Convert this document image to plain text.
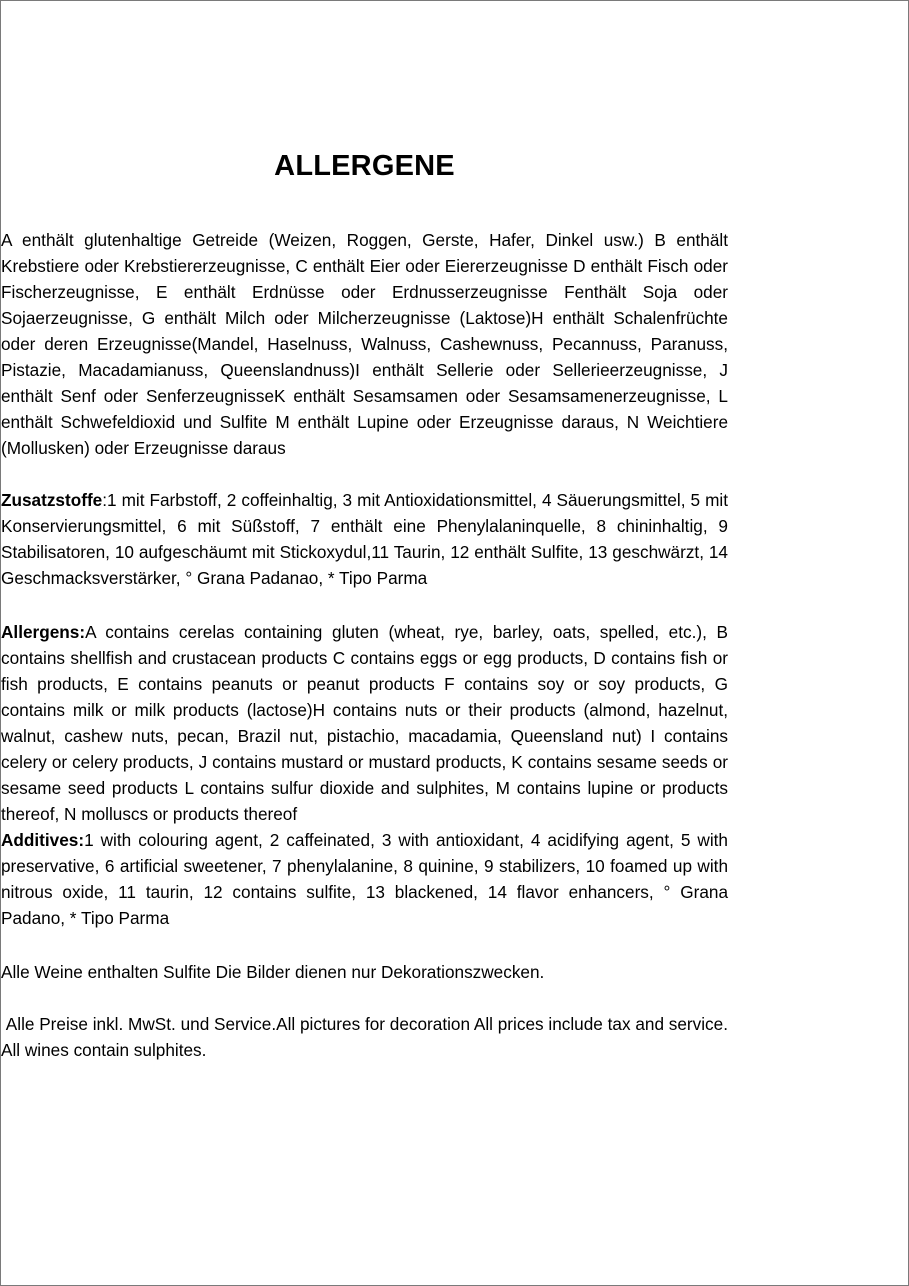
ALLERGENE

A enthält glutenhaltige Getreide (Weizen, Roggen, Gerste, Hafer, Dinkel usw.) B enthält Krebstiere oder Krebstiererzeugnisse, C enthält Eier oder Eiererzeugnisse D enthält Fisch oder Fischerzeugnisse, E enthält Erdnüsse oder Erdnusserzeugnisse Fenthält Soja oder Sojaerzeugnisse, G enthält Milch oder Milcherzeugnisse (Laktose)H enthält Schalenfrüchte oder deren Erzeugnisse(Mandel, Haselnuss, Walnuss, Cashewnuss, Pecannuss, Paranuss, Pistazie, Macadamianuss, Queenslandnuss)I enthält Sellerie oder Sellerieerzeugnisse, J enthält Senf oder SenferzeugnisseK enthält Sesamsamen oder Sesamsamenerzeugnisse, L enthält Schwefeldioxid und Sulfite M enthält Lupine oder Erzeugnisse daraus, N Weichtiere (Mollusken) oder Erzeugnisse daraus

Zusatzstoffe:1 mit Farbstoff, 2 coffeinhaltig, 3 mit Antioxidationsmittel, 4 Säuerungsmittel, 5 mit Konservierungsmittel, 6 mit Süßstoff, 7 enthält eine Phenylalaninquelle, 8 chininhaltig, 9 Stabilisatoren, 10 aufgeschäumt mit Stickoxydul,11 Taurin, 12 enthält Sulfite, 13 geschwärzt, 14 Geschmacksverstärker, ° Grana Padanao, * Tipo Parma

Allergens:A contains cerelas containing gluten (wheat, rye, barley, oats, spelled, etc.), B contains shellfish and crustacean products C contains eggs or egg products, D contains fish or fish products, E contains peanuts or peanut products F contains soy or soy products, G contains milk or milk products (lactose)H contains nuts or their products (almond, hazelnut, walnut, cashew nuts, pecan, Brazil nut, pistachio, macadamia, Queensland nut) I contains celery or celery products, J contains mustard or mustard products, K contains sesame seeds or sesame seed products L contains sulfur dioxide and sulphites, M contains lupine or products thereof, N molluscs or products thereof
Additives:1 with colouring agent, 2 caffeinated, 3 with antioxidant, 4 acidifying agent, 5 with preservative, 6 artificial sweetener, 7 phenylalanine, 8 quinine, 9 stabilizers, 10 foamed up with nitrous oxide, 11 taurin, 12 contains sulfite, 13 blackened, 14 flavor enhancers, ° Grana Padano, * Tipo Parma

Alle Weine enthalten Sulfite Die Bilder dienen nur Dekorationszwecken.

Alle Preise inkl. MwSt. und Service.All pictures for decoration All prices include tax and service. All wines contain sulphites.
